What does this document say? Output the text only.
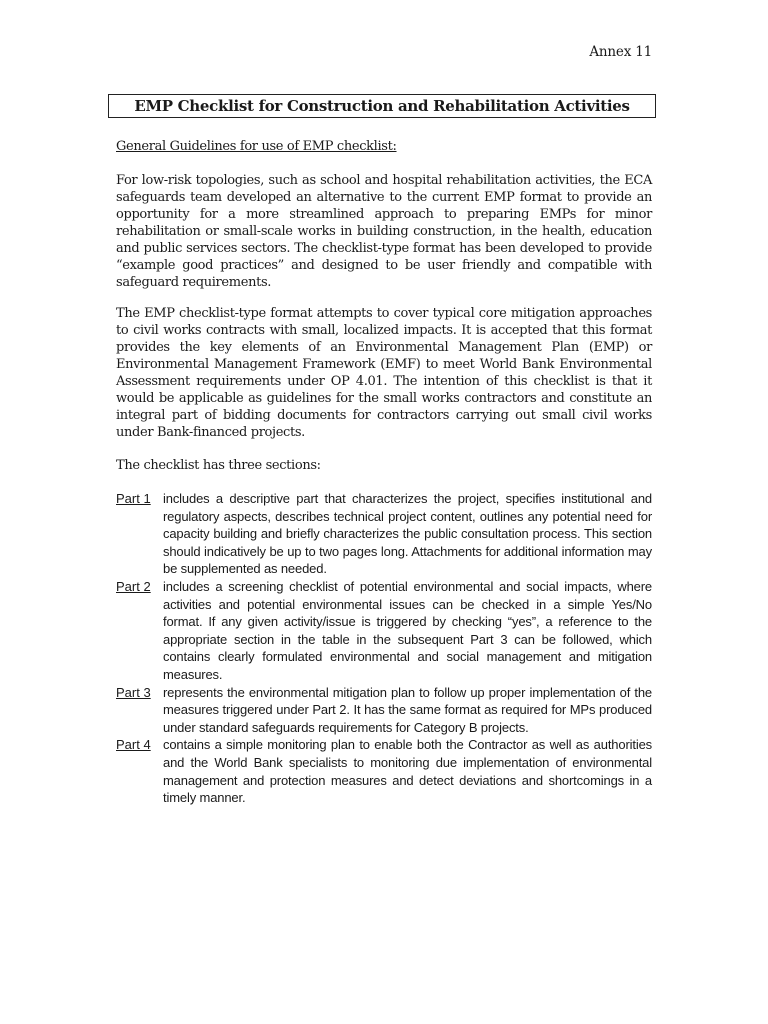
Annex 11
EMP Checklist for Construction and Rehabilitation Activities
General Guidelines for use of EMP checklist:

For low-risk topologies, such as school and hospital rehabilitation activities, the ECA safeguards team developed an alternative to the current EMP format to provide an opportunity for a more streamlined approach to preparing EMPs for minor rehabilitation or small-scale works in building construction, in the health, education and public services sectors. The checklist-type format has been developed to provide “example good practices” and designed to be user friendly and compatible with safeguard requirements.

The EMP checklist-type format attempts to cover typical core mitigation approaches to civil works contracts with small, localized impacts. It is accepted that this format provides the key elements of an Environmental Management Plan (EMP) or Environmental Management Framework (EMF) to meet World Bank Environmental Assessment requirements under OP 4.01. The intention of this checklist is that it would be applicable as guidelines for the small works contractors and constitute an integral part of bidding documents for contractors carrying out small civil works under Bank-financed projects.

The checklist has three sections:

Part 1 includes a descriptive part that characterizes the project, specifies institutional and regulatory aspects, describes technical project content, outlines any potential need for capacity building and briefly characterizes the public consultation process. This section should indicatively be up to two pages long. Attachments for additional information may be supplemented as needed.
Part 2 includes a screening checklist of potential environmental and social impacts, where activities and potential environmental issues can be checked in a simple Yes/No format. If any given activity/issue is triggered by checking “yes”, a reference to the appropriate section in the table in the subsequent Part 3 can be followed, which contains clearly formulated environmental and social management and mitigation measures.
Part 3 represents the environmental mitigation plan to follow up proper implementation of the measures triggered under Part 2. It has the same format as required for MPs produced under standard safeguards requirements for Category B projects.
Part 4 contains a simple monitoring plan to enable both the Contractor as well as authorities and the World Bank specialists to monitoring due implementation of environmental management and protection measures and detect deviations and shortcomings in a timely manner.
